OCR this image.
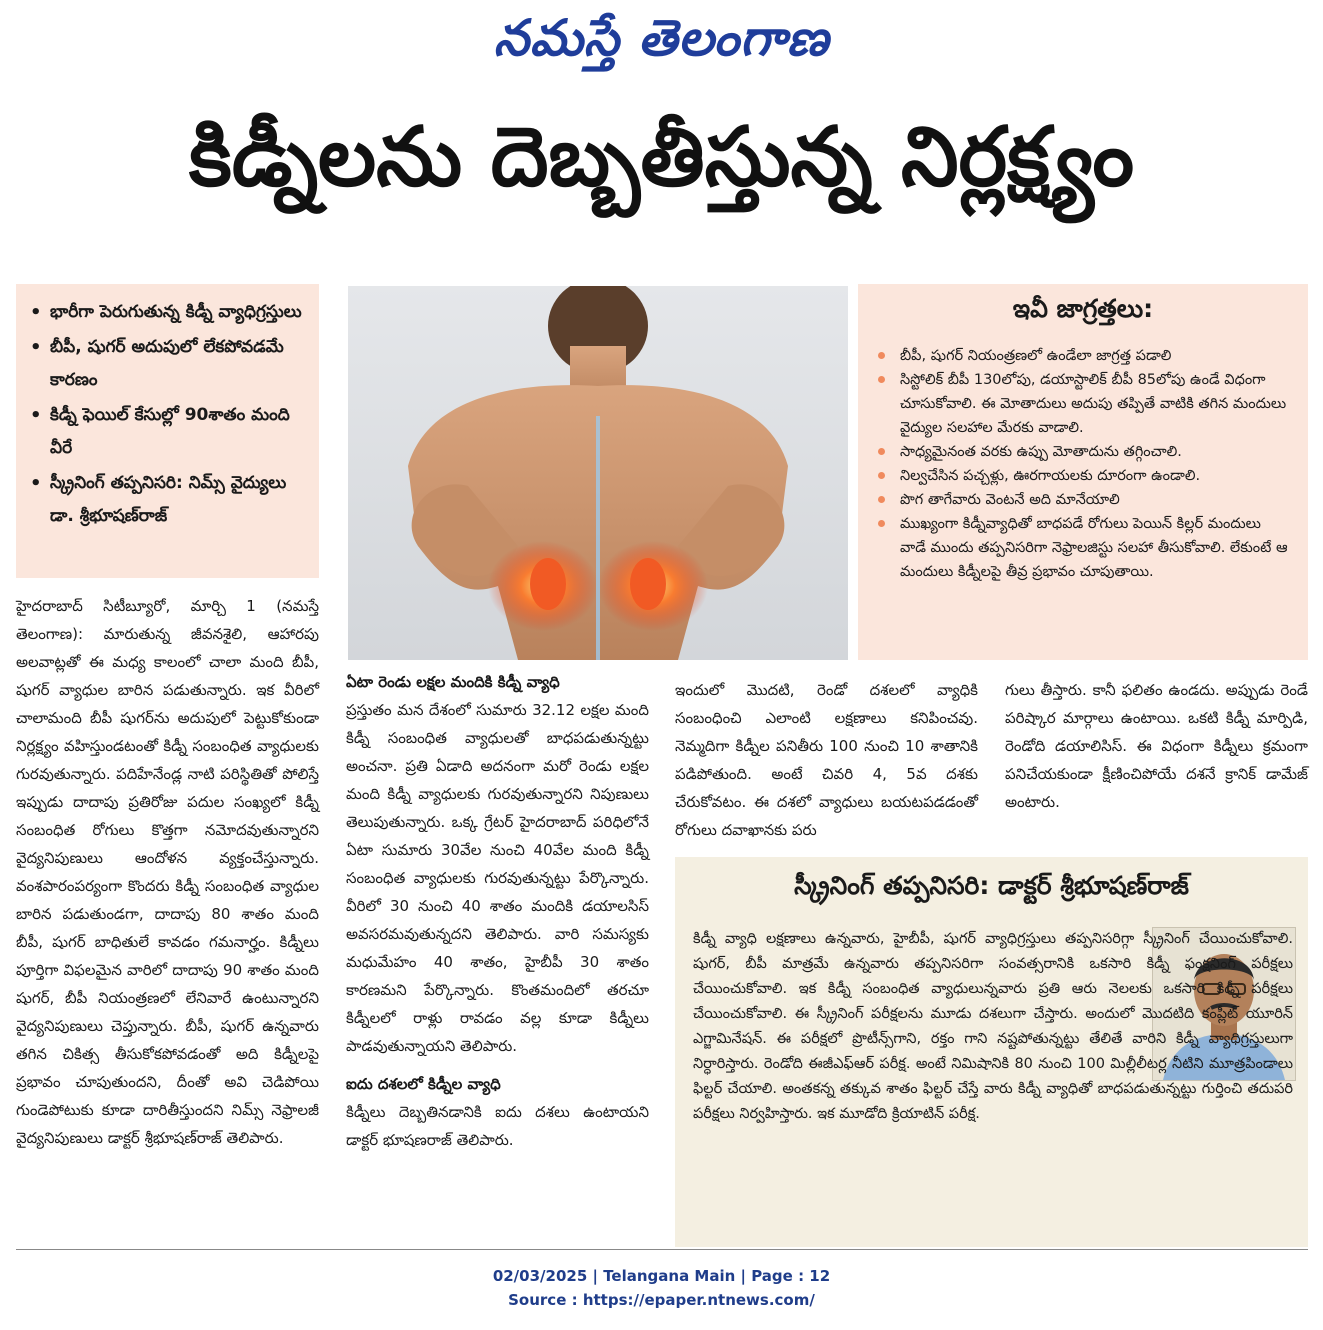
నమస్తే తెలంగాణ
కిడ్నీలను దెబ్బతీస్తున్న నిర్లక్ష్యం
• భారీగా పెరుగుతున్న కిడ్నీ వ్యాధిగ్రస్తులు
• బీపీ, షుగర్ అదుపులో లేకపోవడమే కారణం
• కిడ్నీ ఫెయిల్ కేసుల్లో 90శాతం మంది వీరే
• స్క్రీనింగ్ తప్పనిసరి: నిమ్స్ వైద్యులు డా. శ్రీభూషణ్‌రాజ్
ఇవీ జాగ్రత్తలు:
బీపీ, షుగర్ నియంత్రణలో ఉండేలా జాగ్రత్త పడాలి
సిస్టోలిక్ బీపీ 130లోపు, డయాస్టాలిక్ బీపీ 85లోపు ఉండే విధంగా చూసుకోవాలి. ఈ మోతాదులు అదుపు తప్పితే వాటికి తగిన మందులు వైద్యుల సలహాల మేరకు వాడాలి.
సాధ్యమైనంత వరకు ఉప్పు మోతాదును తగ్గించాలి.
నిల్వచేసిన పచ్చళ్లు, ఊరగాయలకు దూరంగా ఉండాలి.
పొగ తాగేవారు వెంటనే అది మానేయాలి
ముఖ్యంగా కిడ్నీవ్యాధితో బాధపడే రోగులు పెయిన్ కిల్లర్ మందులు వాడే ముందు తప్పనిసరిగా నెఫ్రాలజిస్టు సలహా తీసుకోవాలి. లేకుంటే ఆ మందులు కిడ్నీలపై తీవ్ర ప్రభావం చూపుతాయి.

హైదరాబాద్ సిటీబ్యూరో, మార్చి 1 (నమస్తే తెలంగాణ): మారుతున్న జీవనశైలి, ఆహారపు అలవాట్లతో ఈ మధ్య కాలంలో చాలా మంది బీపీ, షుగర్ వ్యాధుల బారిన పడుతున్నారు. ఇక వీరిలో చాలామంది బీపీ షుగర్‌ను అదుపులో పెట్టుకోకుండా నిర్లక్ష్యం వహిస్తుండటంతో కిడ్నీ సంబంధిత వ్యాధులకు గురవుతున్నారు. పదిహేనేండ్ల నాటి పరిస్థితితో పోలిస్తే ఇప్పుడు దాదాపు ప్రతిరోజు పదుల సంఖ్యలో కిడ్నీ సంబంధిత రోగులు కొత్తగా నమోదవుతున్నారని వైద్యనిపుణులు ఆందోళన వ్యక్తంచేస్తున్నారు. వంశపారంపర్యంగా కొందరు కిడ్నీ సంబంధిత వ్యాధుల బారిన పడుతుండగా, దాదాపు 80 శాతం మంది బీపీ, షుగర్ బాధితులే కావడం గమనార్హం. కిడ్నీలు పూర్తిగా విఫలమైన వారిలో దాదాపు 90 శాతం మంది షుగర్, బీపీ నియంత్రణలో లేనివారే ఉంటున్నారని వైద్యనిపుణులు చెప్తున్నారు. బీపీ, షుగర్ ఉన్నవారు తగిన చికిత్స తీసుకోకపోవడంతో అది కిడ్నీలపై ప్రభావం చూపుతుందని, దీంతో అవి చెడిపోయి గుండెపోటుకు కూడా దారితీస్తుందని నిమ్స్ నెఫ్రాలజీ వైద్యనిపుణులు డాక్టర్ శ్రీభూషణ్‌రాజ్ తెలిపారు.

ఏటా రెండు లక్షల మందికి కిడ్నీ వ్యాధి

ప్రస్తుతం మన దేశంలో సుమారు 32.12 లక్షల మంది కిడ్నీ సంబంధిత వ్యాధులతో బాధపడుతున్నట్టు అంచనా. ప్రతి ఏడాది అదనంగా మరో రెండు లక్షల మంది కిడ్నీ వ్యాధులకు గురవుతున్నారని నిపుణులు తెలుపుతున్నారు. ఒక్క గ్రేటర్ హైదరాబాద్ పరిధిలోనే ఏటా సుమారు 30వేల నుంచి 40వేల మంది కిడ్నీ సంబంధిత వ్యాధులకు గురవుతున్నట్టు పేర్కొన్నారు. వీరిలో 30 నుంచి 40 శాతం మందికి డయాలసిస్ అవసరమవుతున్నదని తెలిపారు. వారి సమస్యకు మధుమేహం 40 శాతం, హైబీపీ 30 శాతం కారణమని పేర్కొన్నారు. కొంతమందిలో తరచూ కిడ్నీలలో రాళ్లు రావడం వల్ల కూడా కిడ్నీలు పాడవుతున్నాయని తెలిపారు.

ఐదు దశలలో కిడ్నీల వ్యాధి

కిడ్నీలు దెబ్బతినడానికి ఐదు దశలు ఉంటాయని డాక్టర్ భూషణరాజ్ తెలిపారు.

ఇందులో మొదటి, రెండో దశలలో వ్యాధికి సంబంధించి ఎలాంటి లక్షణాలు కనిపించవు. నెమ్మదిగా కిడ్నీల పనితీరు 100 నుంచి 10 శాతానికి పడిపోతుంది. అంటే చివరి 4, 5వ దశకు చేరుకోవటం. ఈ దశలో వ్యాధులు బయటపడడంతో రోగులు దవాఖానకు పరు

గులు తీస్తారు. కానీ ఫలితం ఉండదు. అప్పుడు రెండే పరిష్కార మార్గాలు ఉంటాయి. ఒకటి కిడ్నీ మార్పిడి, రెండోది డయాలిసిస్. ఈ విధంగా కిడ్నీలు క్రమంగా పనిచేయకుండా క్షీణించిపోయే దశనే క్రానిక్ డామేజ్ అంటారు.

స్క్రీనింగ్ తప్పనిసరి: డాక్టర్ శ్రీభూషణ్‌రాజ్
కిడ్నీ వ్యాధి లక్షణాలు ఉన్నవారు, హైబీపీ, షుగర్ వ్యాధిగ్రస్తులు తప్పనిసరిగ్గా స్క్రీనింగ్ చేయించుకోవాలి. షుగర్, బీపీ మాత్రమే ఉన్నవారు తప్పనిసరిగా సంవత్సరానికి ఒకసారి కిడ్నీ ఫంక్షనింగ్ పరీక్షలు చేయించుకోవాలి. ఇక కిడ్నీ సంబంధిత వ్యాధులున్నవారు ప్రతి ఆరు నెలలకు ఒకసారి కిడ్నీ పరీక్షలు చేయించుకోవాలి. ఈ స్క్రీనింగ్ పరీక్షలను మూడు దశలుగా చేస్తారు. అందులో మొదటిది కంప్లీట్ యూరిన్ ఎగ్జామినేషన్. ఈ పరీక్షలో ప్రొటీన్స్‌గాని, రక్తం గాని నష్టపోతున్నట్టు తేలితే వారిని కిడ్నీ వ్యాధిగ్రస్తులుగా నిర్ధారిస్తారు. రెండోది ఈజీఎఫ్‌ఆర్ పరీక్ష. అంటే నిమిషానికి 80 నుంచి 100 మిల్లీలీటర్ల నీటిని మూత్రపిండాలు ఫిల్టర్ చేయాలి. అంతకన్న తక్కువ శాతం ఫిల్టర్ చేస్తే వారు కిడ్నీ వ్యాధితో బాధపడుతున్నట్టు గుర్తించి తదుపరి పరీక్షలు నిర్వహిస్తారు. ఇక మూడోది క్రియాటిన్ పరీక్ష.
02/03/2025 | Telangana Main | Page : 12
Source : https://epaper.ntnews.com/
